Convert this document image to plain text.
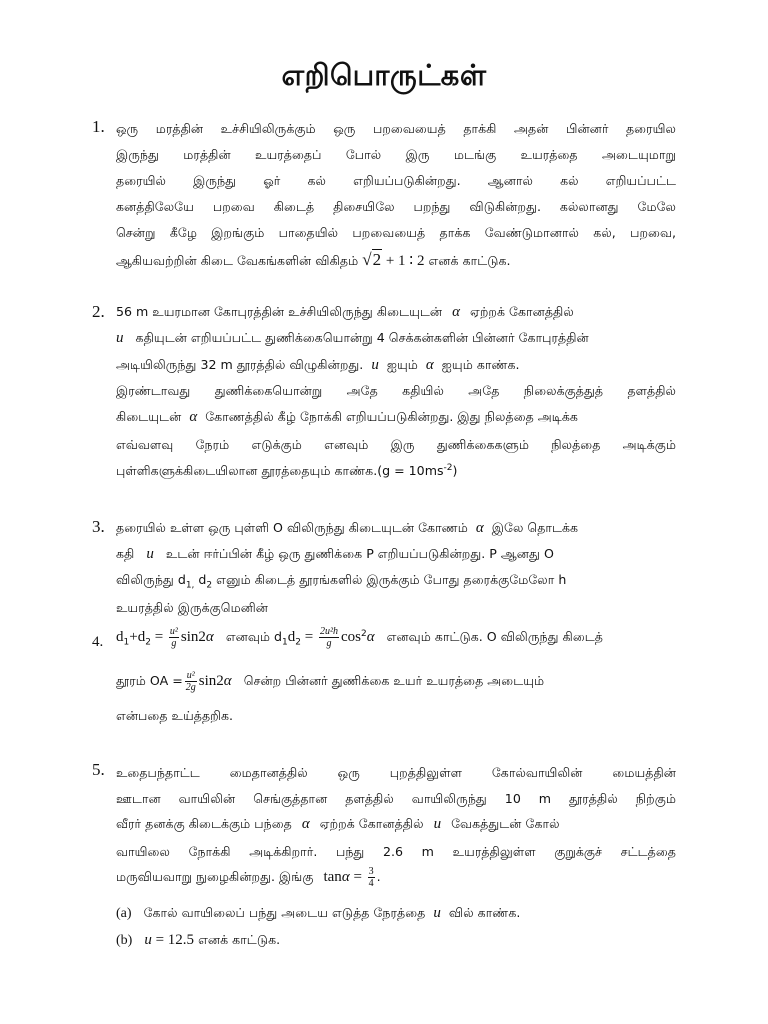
எறிபொருட்கள்
1. ஒரு மரத்தின் உச்சியிலிருக்கும் ஒரு பறவையைத் தாக்கி அதன் பின்னர் தரையில
இருந்து மரத்தின் உயரத்தைப் போல் இரு மடங்கு உயரத்தை அடையுமாறு
தரையில் இருந்து ஓர் கல் எறியப்படுகின்றது. ஆனால் கல் எறியப்பட்ட
கனத்திலேயே பறவை கிடைத் திசையிலே பறந்து விடுகின்றது. கல்லானது மேலே
சென்று கீழே இறங்கும் பாதையில் பறவையைத் தாக்க வேண்டுமானால் கல், பறவை,
ஆகியவற்றின் கிடை வேகங்களின் விகிதம் √2 + 1 ∶ 2 எனக் காட்டுக.
2. 56 m உயரமான கோபுரத்தின் உச்சியிலிருந்து கிடையுடன் α ஏற்றக் கோனத்தில்
u கதியுடன் எறியப்பட்ட துணிக்கையொன்று 4 செக்கன்களின் பின்னர் கோபுரத்தின்
அடியிலிருந்து 32 m தூரத்தில் விழுகின்றது. u ஐயும் α ஐயும் காண்க.
இரண்டாவது துணிக்கையொன்று அதே கதியில் அதே நிலைக்குத்துத் தளத்தில்
கிடையுடன் α கோணத்தில் கீழ் நோக்கி எறியப்படுகின்றது. இது நிலத்தை அடிக்க
எவ்வளவு நேரம் எடுக்கும் எனவும் இரு துணிக்கைகளும் நிலத்தை அடிக்கும்
புள்ளிகளுக்கிடையிலான தூரத்தையும் காண்க.(g = $10ms^{-2}$)
3. தரையில் உள்ள ஒரு புள்ளி O விலிருந்து கிடையுடன் கோணம் α இலே தொடக்க
கதி u உடன் ஈர்ப்பின் கீழ் ஒரு துணிக்கை P எறியப்படுகின்றது. P ஆனது O
விலிருந்து $d_{1,}$ $d_2$ எனும் கிடைத் தூரங்களில் இருக்கும் போது தரைக்குமேலோ h
உயரத்தில் இருக்குமெனின்
4. $d_1+d_2 = \frac{\text{u²}}{g} \sin 2\alpha$ எனவும் $d_1d_2 = \frac{\text{2u²h}}{g} \cos^2\alpha$ எனவும் காட்டுக. O விலிருந்து கிடைத்
தூரம் OA = $\frac{\text{u²}}{2g} \sin 2\alpha$ சென்ற பின்னர் துணிக்கை உயர் உயரத்தை அடையும்
என்பதை உய்த்தறிக.
5. உதைபந்தாட்ட மைதானத்தில் ஒரு புறத்திலுள்ள கோல்வாயிலின் மையத்தின்
ஊடான வாயிலின் செங்குத்தான தளத்தில் வாயிலிருந்து 10 m தூரத்தில் நிற்கும்
வீரர் தனக்கு கிடைக்கும் பந்தை α ஏற்றக் கோனத்தில் u வேகத்துடன் கோல்
வாயிலை நோக்கி அடிக்கிறார். பந்து 2.6 m உயரத்திலுள்ள குறுக்குச் சட்டத்தை
மருவியவாறு நுழைகின்றது. இங்கு $\tan\alpha = \frac{3}{4}$ .
(a) கோல் வாயிலைப் பந்து அடைய எடுத்த நேரத்தை u வில் காண்க.
(b) u = 12.5 எனக் காட்டுக.
